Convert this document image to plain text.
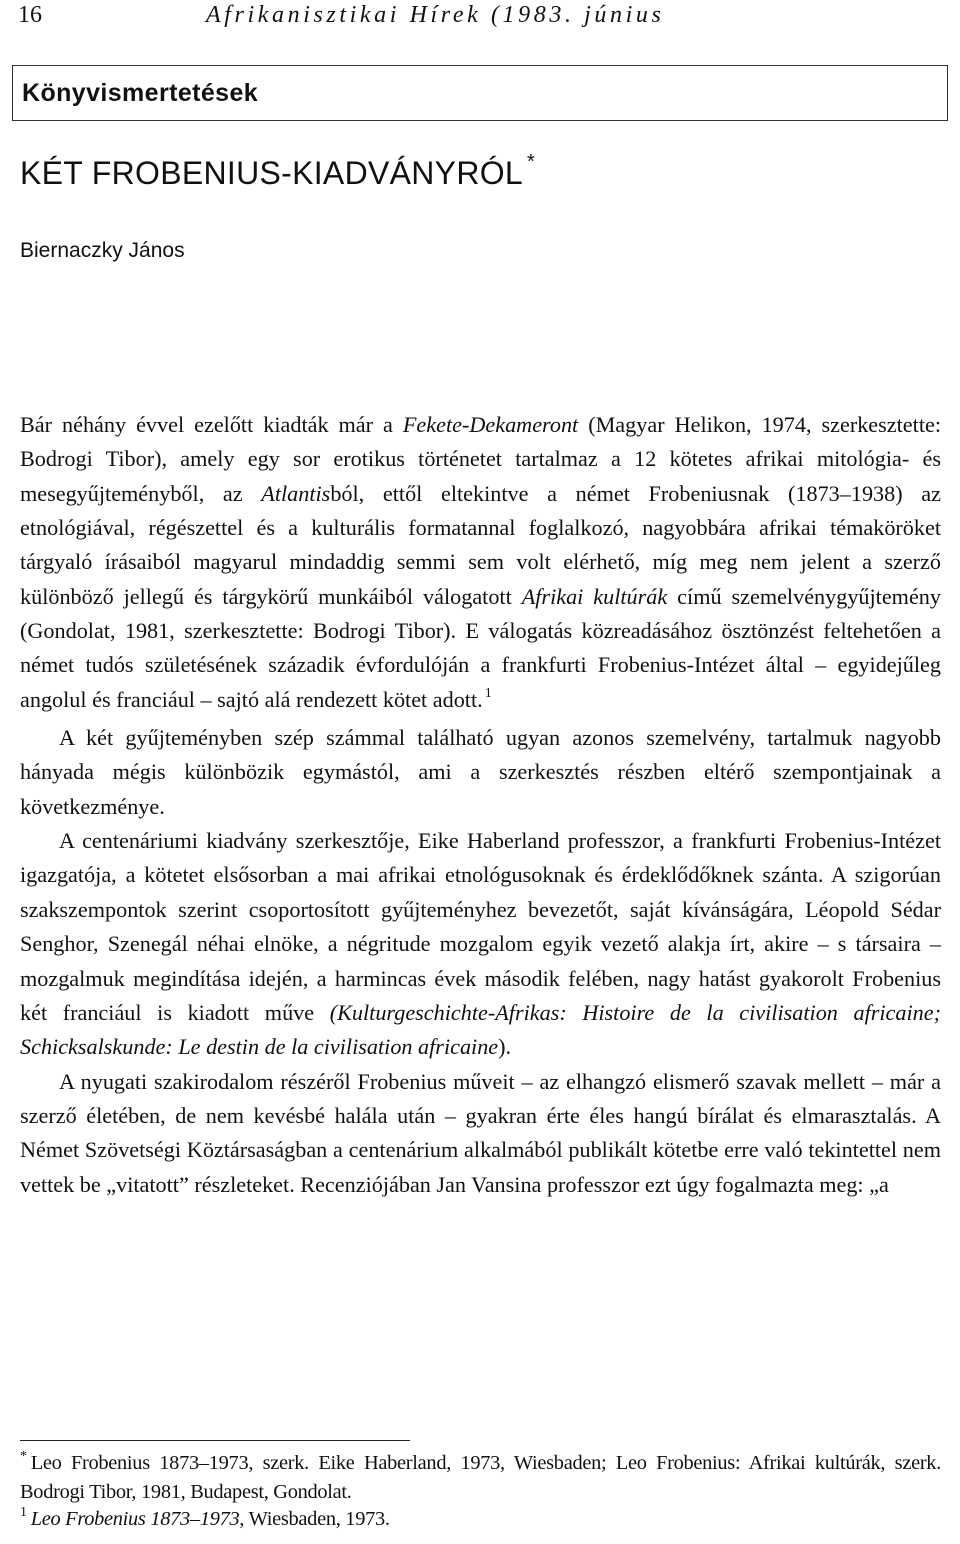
16	Afrikanisztikai Hírek (1983. június
Könyvismertetések
KÉT FROBENIUS-KIADVÁNYRÓL *
Biernaczky János

Bár néhány évvel ezelőtt kiadták már a Fekete-Dekameront (Magyar Helikon, 1974, szerkesztette: Bodrogi Tibor), amely egy sor erotikus történetet tartalmaz a 12 kötetes afrikai mitológia- és mesegyűjteményből, az Atlantisból, ettől eltekintve a német Frobeniusnak (1873–1938) az etnológiával, régészettel és a kulturális formatannal foglalkozó, nagyobbára afrikai témaköröket tárgyaló írásaiból magyarul mindaddig semmi sem volt elérhető, míg meg nem jelent a szerző különböző jellegű és tárgykörű munkáiból válogatott Afrikai kultúrák című szemelvénygyűjtemény (Gondolat, 1981, szerkesztette: Bodrogi Tibor). E válogatás közreadásához ösztönzést feltehetően a német tudós születésének századik évfordulóján a frankfurti Frobenius-Intézet által – egyidejűleg angolul és franciául – sajtó alá rendezett kötet adott. $^1$

A két gyűjteményben szép számmal található ugyan azonos szemelvény, tartalmuk nagyobb hányada mégis különbözik egymástól, ami a szerkesztés részben eltérő szempontjainak a következménye.

A centenáriumi kiadvány szerkesztője, Eike Haberland professzor, a frankfurti Frobenius-Intézet igazgatója, a kötetet elsősorban a mai afrikai etnológusoknak és érdeklődőknek szánta. A szigorúan szakszempontok szerint csoportosított gyűjteményhez bevezetőt, saját kívánságára, Léopold Sédar Senghor, Szenegál néhai elnöke, a négritude mozgalom egyik vezető alakja írt, akire – s társaira – mozgalmuk megindítása idején, a harmincas évek második felében, nagy hatást gyakorolt Frobenius két franciául is kiadott műve (Kulturgeschichte-Afrikas: Histoire de la civilisation africaine; Schicksalskunde: Le destin de la civilisation africaine).

A nyugati szakirodalom részéről Frobenius műveit – az elhangzó elismerő szavak mellett – már a szerző életében, de nem kevésbé halála után – gyakran érte éles hangú bírálat és elmarasztalás. A Német Szövetségi Köztársaságban a centenárium alkalmából publikált kötetbe erre való tekintettel nem vettek be „vitatott” részleteket. Recenziójában Jan Vansina professzor ezt úgy fogalmazta meg: „a

* Leo Frobenius 1873–1973, szerk. Eike Haberland, 1973, Wiesbaden; Leo Frobenius: Afrikai kultúrák, szerk. Bodrogi Tibor, 1981, Budapest, Gondolat.

$^1$ Leo Frobenius 1873–1973, Wiesbaden, 1973.
